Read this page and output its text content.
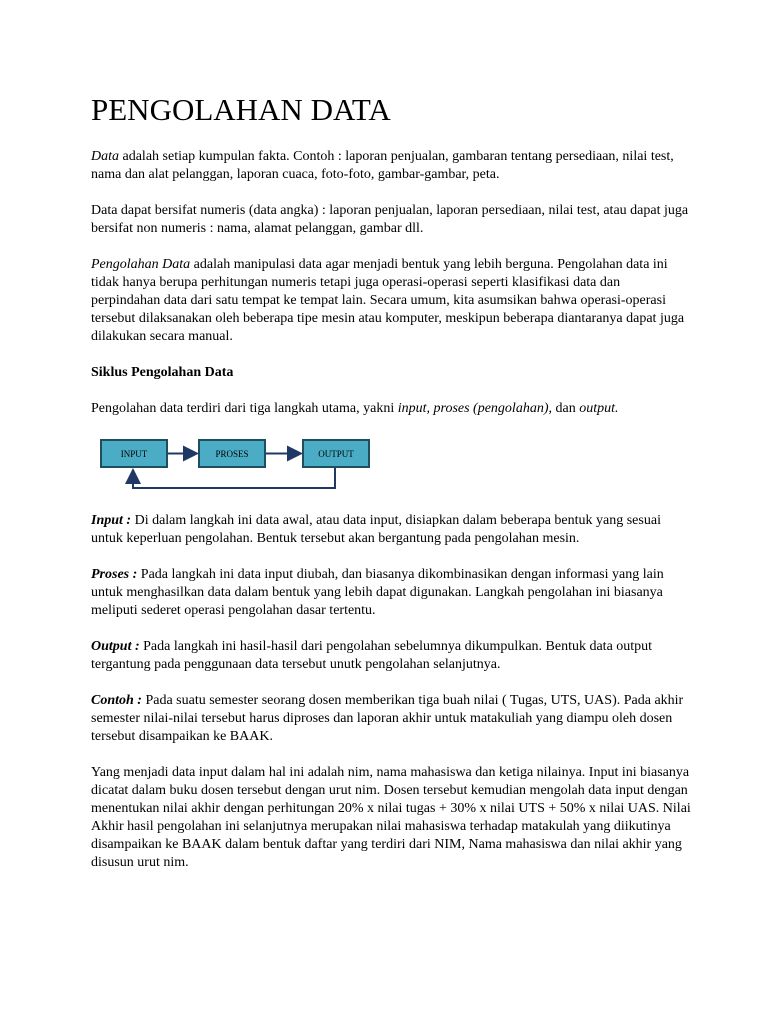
PENGOLAHAN DATA

Data adalah setiap kumpulan fakta. Contoh : laporan penjualan, gambaran tentang persediaan, nilai test, nama dan alat pelanggan, laporan cuaca, foto-foto, gambar-gambar, peta.

Data dapat bersifat numeris (data angka) : laporan penjualan, laporan persediaan, nilai test, atau dapat juga bersifat non numeris : nama, alamat pelanggan, gambar dll.

Pengolahan Data adalah manipulasi data agar menjadi bentuk yang lebih berguna. Pengolahan data ini tidak hanya berupa perhitungan numeris tetapi juga operasi-operasi seperti klasifikasi data dan perpindahan data dari satu tempat ke tempat lain. Secara umum, kita asumsikan bahwa operasi-operasi tersebut dilaksanakan oleh beberapa tipe mesin atau komputer, meskipun beberapa diantaranya dapat juga dilakukan secara manual.

Siklus Pengolahan Data

Pengolahan data terdiri dari tiga langkah utama, yakni input, proses (pengolahan), dan output.

INPUT	PROSES	OUTPUT

Input : Di dalam langkah ini data awal, atau data input, disiapkan dalam beberapa bentuk yang sesuai untuk keperluan pengolahan. Bentuk tersebut akan bergantung pada pengolahan mesin.

Proses : Pada langkah ini data input diubah, dan biasanya dikombinasikan dengan informasi yang lain untuk menghasilkan data dalam bentuk yang lebih dapat digunakan. Langkah pengolahan ini biasanya meliputi sederet operasi pengolahan dasar tertentu.

Output : Pada langkah ini hasil-hasil dari pengolahan sebelumnya dikumpulkan. Bentuk data output tergantung pada penggunaan data tersebut unutk pengolahan selanjutnya.

Contoh : Pada suatu semester seorang dosen memberikan tiga buah nilai ( Tugas, UTS, UAS). Pada akhir semester nilai-nilai tersebut harus diproses dan laporan akhir untuk matakuliah yang diampu oleh dosen tersebut disampaikan ke BAAK.

Yang menjadi data input dalam hal ini adalah nim, nama mahasiswa dan ketiga nilainya. Input ini biasanya dicatat dalam buku dosen tersebut dengan urut nim. Dosen tersebut kemudian mengolah data input dengan menentukan nilai akhir dengan perhitungan 20% x nilai tugas + 30% x nilai UTS + 50% x nilai UAS. Nilai Akhir hasil pengolahan ini selanjutnya merupakan nilai mahasiswa terhadap matakulah yang diikutinya disampaikan ke BAAK dalam bentuk daftar yang terdiri dari NIM, Nama mahasiswa dan nilai akhir yang disusun urut nim.
